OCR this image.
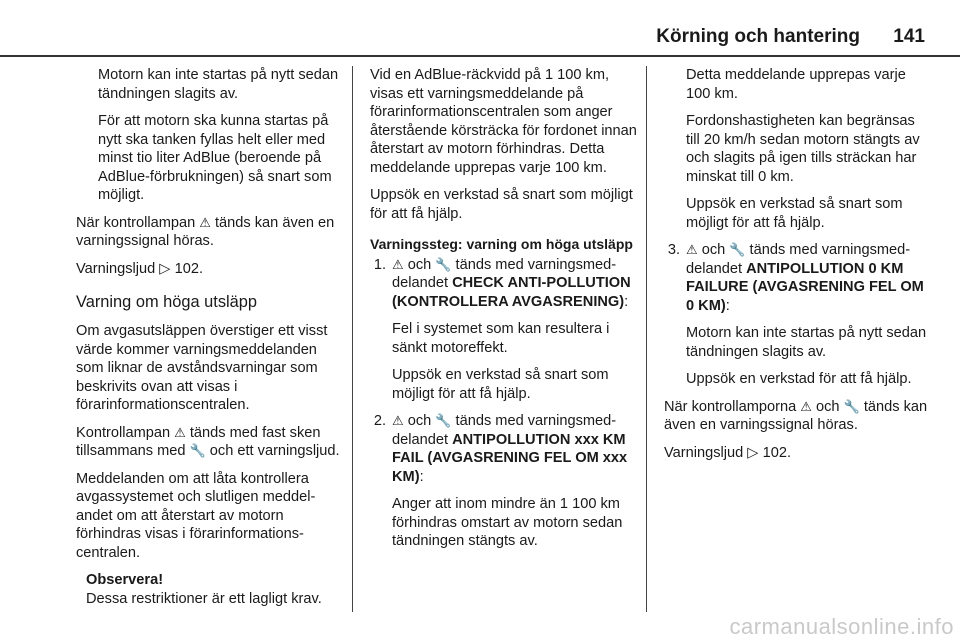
Körning och hantering 141

Motorn kan inte startas på nytt sedan tändningen slagits av.

För att motorn ska kunna startas på nytt ska tanken fyllas helt eller med minst tio liter AdBlue (beroende på AdBlue-förbrukningen) så snart som möjligt.

När kontrollampan ⚠ tänds kan även en varningssignal höras.

Varningsljud ▷ 102.

Varning om höga utsläpp

Om avgasutsläppen överstiger ett visst värde kommer varningsmeddelanden som liknar de avståndsvarningar som beskrivits ovan att visas i förarinformationscentralen.

Kontrollampan ⚠ tänds med fast sken tillsammans med 🔧 och ett varningsljud.

Meddelanden om att låta kontrollera avgassystemet och slutligen meddelandet om att återstart av motorn förhindras visas i förarinformationscentralen.

Observera!

Dessa restriktioner är ett lagligt krav.

Vid en AdBlue-räckvidd på 1 100 km, visas ett varningsmeddelande på förarinformationscentralen som anger återstående körsträcka för fordonet innan återstart av motorn förhindras. Detta meddelande upprepas varje 100 km.

Uppsök en verkstad så snart som möjligt för att få hjälp.

Varningssteg: varning om höga utsläpp

1. ⚠ och 🔧 tänds med varningsmeddelandet CHECK ANTI-POLLUTION (KONTROLLERA AVGASRENING):

Fel i systemet som kan resultera i sänkt motoreffekt.

Uppsök en verkstad så snart som möjligt för att få hjälp.

2. ⚠ och 🔧 tänds med varningsmeddelandet ANTIPOLLUTION xxx KM FAIL (AVGASRENING FEL OM xxx KM):

Anger att inom mindre än 1 100 km förhindras omstart av motorn sedan tändningen stängts av.

Detta meddelande upprepas varje 100 km.

Fordonshastigheten kan begränsas till 20 km/h sedan motorn stängts av och slagits på igen tills sträckan har minskat till 0 km.

Uppsök en verkstad så snart som möjligt för att få hjälp.

3. ⚠ och 🔧 tänds med varningsmeddelandet ANTIPOLLUTION 0 KM FAILURE (AVGASRENING FEL OM 0 KM):

Motorn kan inte startas på nytt sedan tändningen slagits av.

Uppsök en verkstad för att få hjälp.

När kontrollamporna ⚠ och 🔧 tänds kan även en varningssignal höras.

Varningsljud ▷ 102.

carmanualsonline.info
